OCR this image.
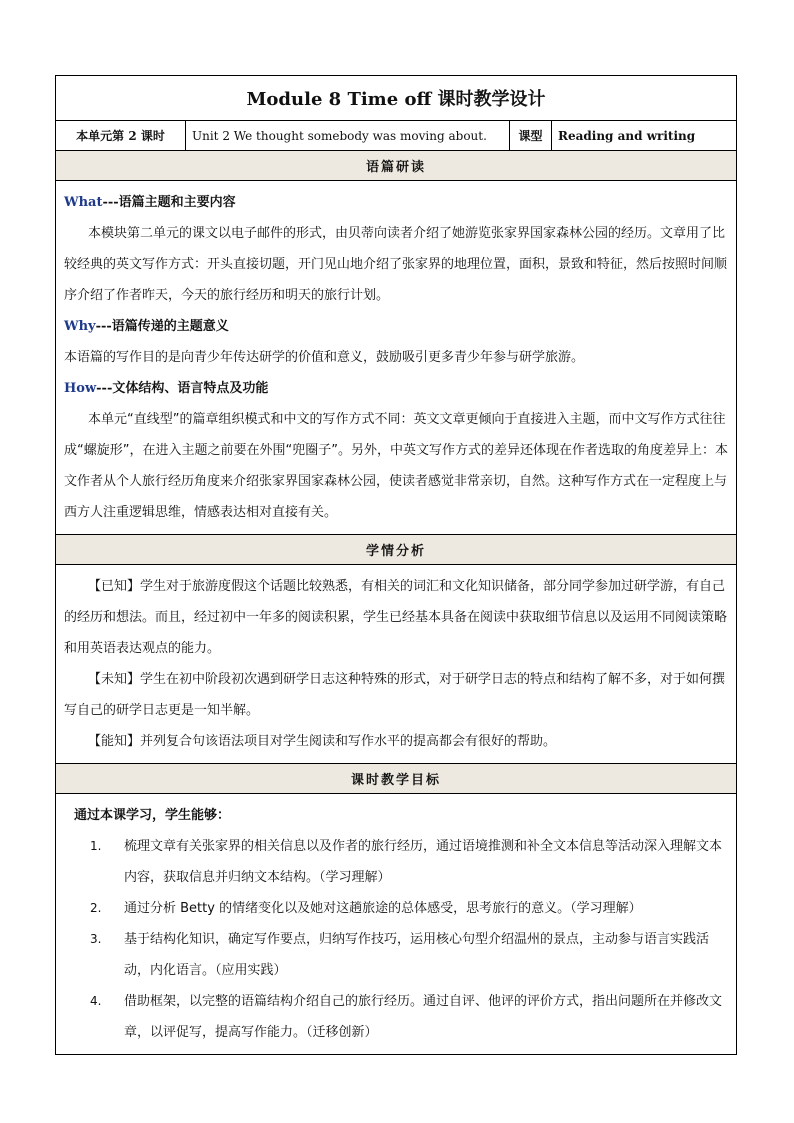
Module 8 Time off 课时教学设计
本单元第 2 课时	Unit 2 We thought somebody was moving about.	课型	Reading and writing
语篇研读

What---语篇主题和主要内容

本模块第二单元的课文以电子邮件的形式，由贝蒂向读者介绍了她游览张家界国家森林公园的经历。文章用了比较经典的英文写作方式：开头直接切题，开门见山地介绍了张家界的地理位置，面积，景致和特征，然后按照时间顺序介绍了作者昨天，今天的旅行经历和明天的旅行计划。

Why---语篇传递的主题意义

本语篇的写作目的是向青少年传达研学的价值和意义，鼓励吸引更多青少年参与研学旅游。

How---文体结构、语言特点及功能

本单元“直线型”的篇章组织模式和中文的写作方式不同：英文文章更倾向于直接进入主题，而中文写作方式往往成“螺旋形”，在进入主题之前要在外围“兜圈子”。另外，中英文写作方式的差异还体现在作者选取的角度差异上：本文作者从个人旅行经历角度来介绍张家界国家森林公园，使读者感觉非常亲切，自然。这种写作方式在一定程度上与西方人注重逻辑思维，情感表达相对直接有关。

学情分析

【已知】学生对于旅游度假这个话题比较熟悉，有相关的词汇和文化知识储备，部分同学参加过研学游，有自己的经历和想法。而且，经过初中一年多的阅读积累，学生已经基本具备在阅读中获取细节信息以及运用不同阅读策略和用英语表达观点的能力。

【未知】学生在初中阶段初次遇到研学日志这种特殊的形式，对于研学日志的特点和结构了解不多，对于如何撰写自己的研学日志更是一知半解。

【能知】并列复合句该语法项目对学生阅读和写作水平的提高都会有很好的帮助。

课时教学目标

通过本课学习，学生能够：

1.	梳理文章有关张家界的相关信息以及作者的旅行经历，通过语境推测和补全文本信息等活动深入理解文本内容，获取信息并归纳文本结构。（学习理解）
2.	通过分析 Betty 的情绪变化以及她对这趟旅途的总体感受，思考旅行的意义。（学习理解）
3.	基于结构化知识，确定写作要点，归纳写作技巧，运用核心句型介绍温州的景点，主动参与语言实践活动，内化语言。（应用实践）
4.	借助框架，以完整的语篇结构介绍自己的旅行经历。通过自评、他评的评价方式，指出问题所在并修改文章，以评促写，提高写作能力。（迁移创新）
